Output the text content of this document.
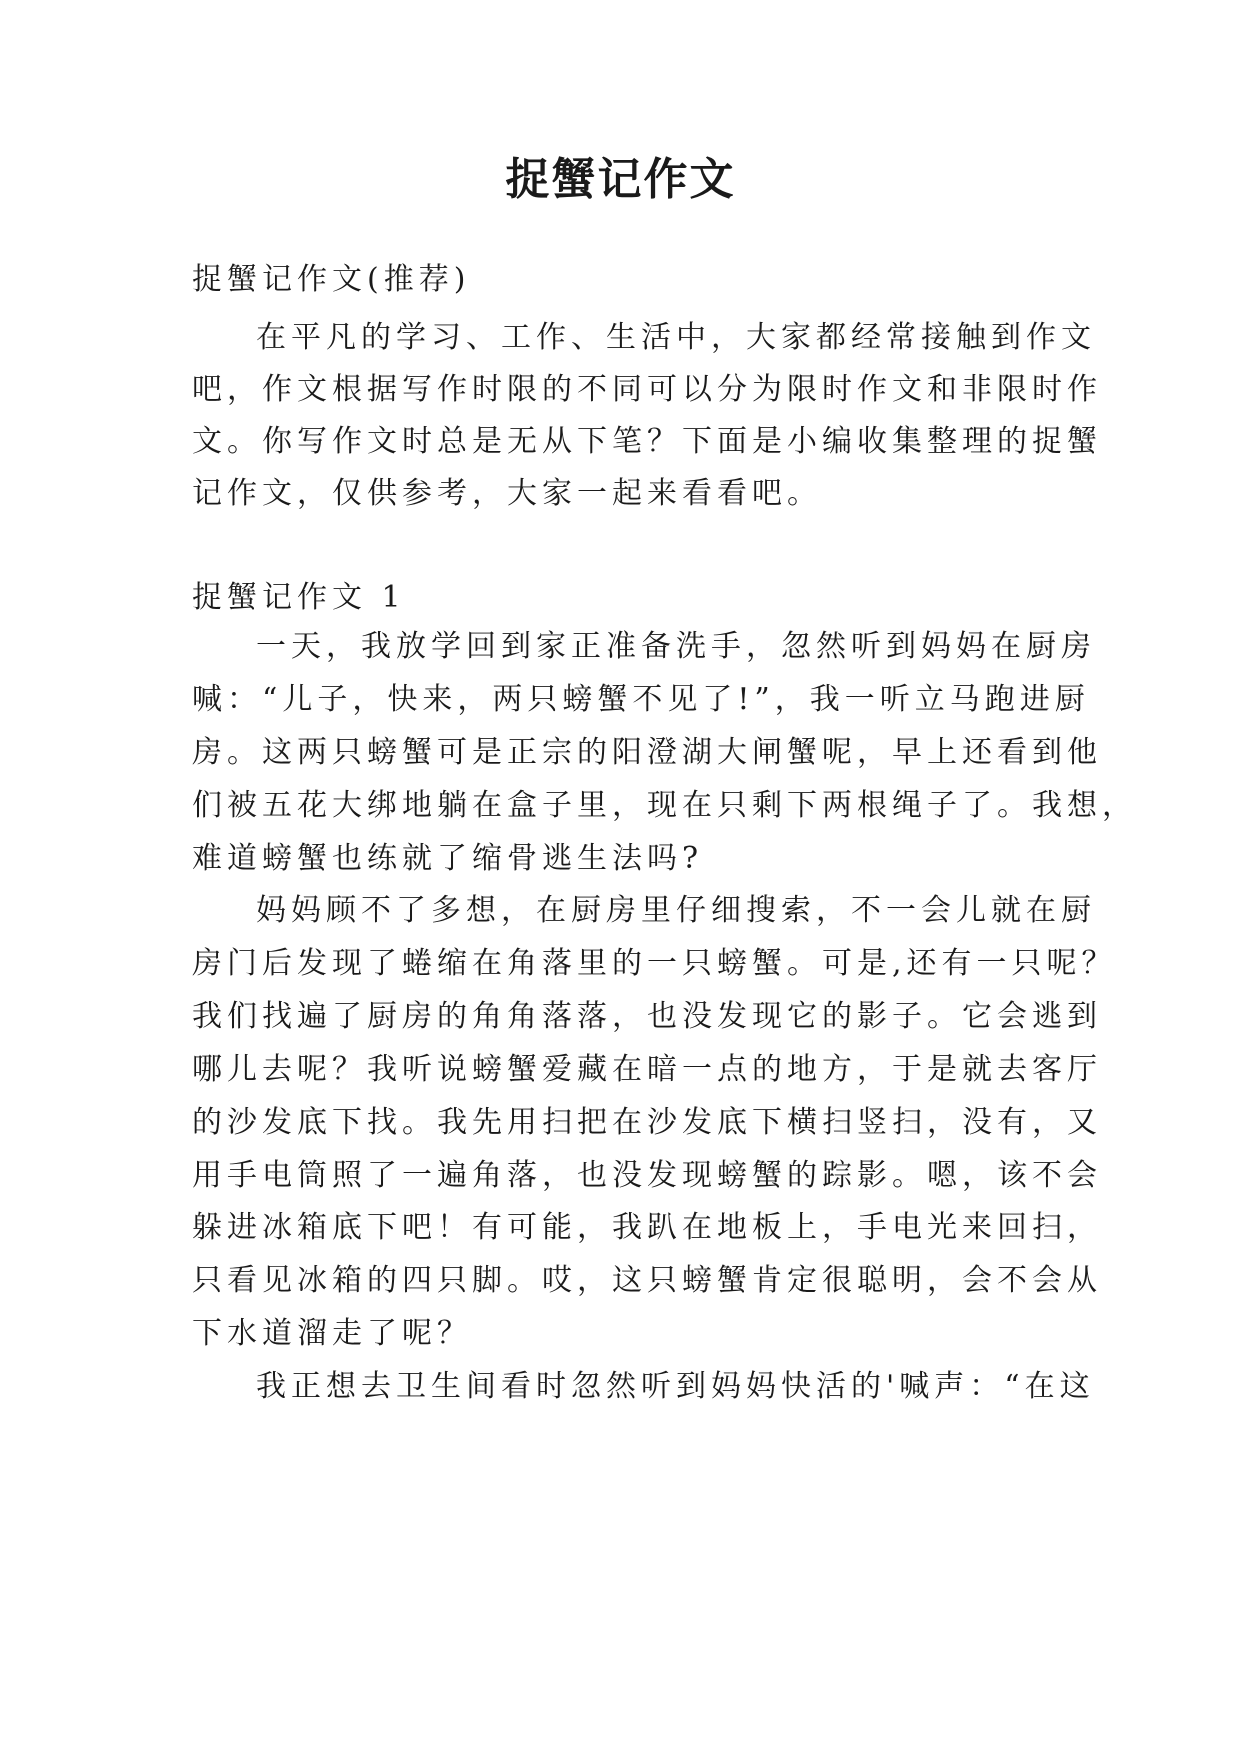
捉蟹记作文

捉蟹记作文(推荐)

在平凡的学习、工作、生活中，大家都经常接触到作文

吧，作文根据写作时限的不同可以分为限时作文和非限时作

文。你写作文时总是无从下笔？下面是小编收集整理的捉蟹

记作文，仅供参考，大家一起来看看吧。

捉蟹记作文 1

一天，我放学回到家正准备洗手，忽然听到妈妈在厨房

喊：“儿子，快来，两只螃蟹不见了!”，我一听立马跑进厨

房。这两只螃蟹可是正宗的阳澄湖大闸蟹呢，早上还看到他

们被五花大绑地躺在盒子里，现在只剩下两根绳子了。我想，

难道螃蟹也练就了缩骨逃生法吗?

妈妈顾不了多想，在厨房里仔细搜索，不一会儿就在厨

房门后发现了蜷缩在角落里的一只螃蟹。可是,还有一只呢？

我们找遍了厨房的角角落落，也没发现它的影子。它会逃到

哪儿去呢？我听说螃蟹爱藏在暗一点的地方，于是就去客厅

的沙发底下找。我先用扫把在沙发底下横扫竖扫，没有，又

用手电筒照了一遍角落，也没发现螃蟹的踪影。嗯，该不会

躲进冰箱底下吧！有可能，我趴在地板上，手电光来回扫，

只看见冰箱的四只脚。哎，这只螃蟹肯定很聪明，会不会从

下水道溜走了呢？

我正想去卫生间看时忽然听到妈妈快活的'喊声：“在这
